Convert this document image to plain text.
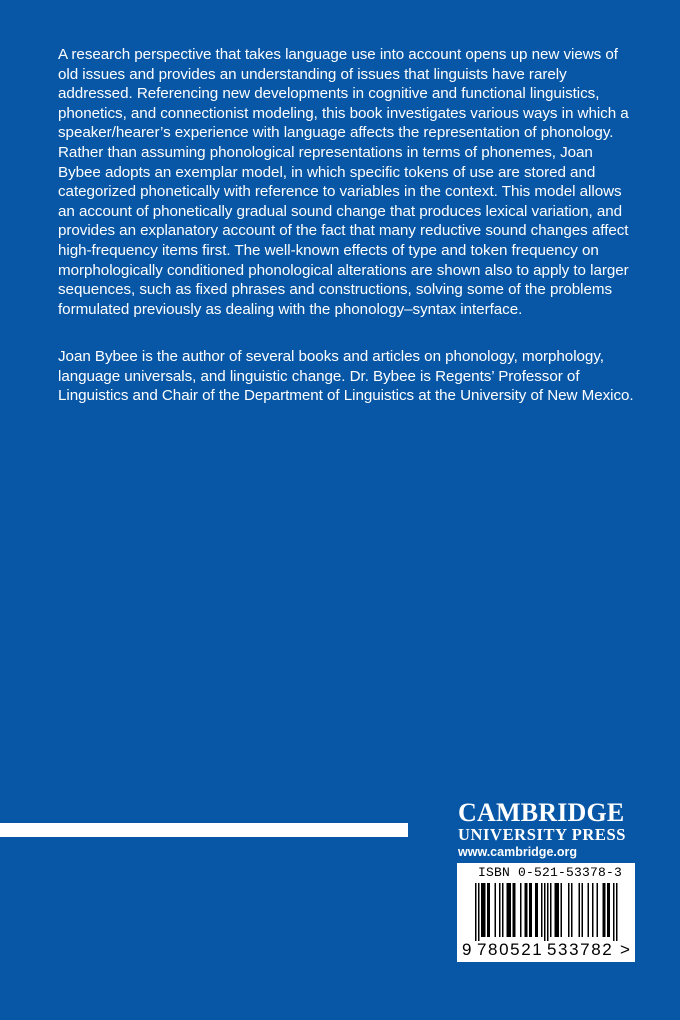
A research perspective that takes language use into account opens up new views of old issues and provides an understanding of issues that linguists have rarely addressed. Referencing new developments in cognitive and functional linguistics, phonetics, and connectionist modeling, this book investigates various ways in which a speaker/hearer’s experience with language affects the representation of phonology. Rather than assuming phonological representations in terms of phonemes, Joan Bybee adopts an exemplar model, in which specific tokens of use are stored and categorized phonetically with reference to variables in the context. This model allows an account of phonetically gradual sound change that produces lexical variation, and provides an explanatory account of the fact that many reductive sound changes affect high-frequency items first. The well-known effects of type and token frequency on morphologically conditioned phonological alterations are shown also to apply to larger sequences, such as fixed phrases and constructions, solving some of the problems formulated previously as dealing with the phonology–syntax interface.

Joan Bybee is the author of several books and articles on phonology, morphology, language universals, and linguistic change. Dr. Bybee is Regents’ Professor of Linguistics and Chair of the Department of Linguistics at the University of New Mexico.

CAMBRIDGE
UNIVERSITY PRESS
www.cambridge.org
ISBN 0-521-53378-3
9 780521 533782 >
